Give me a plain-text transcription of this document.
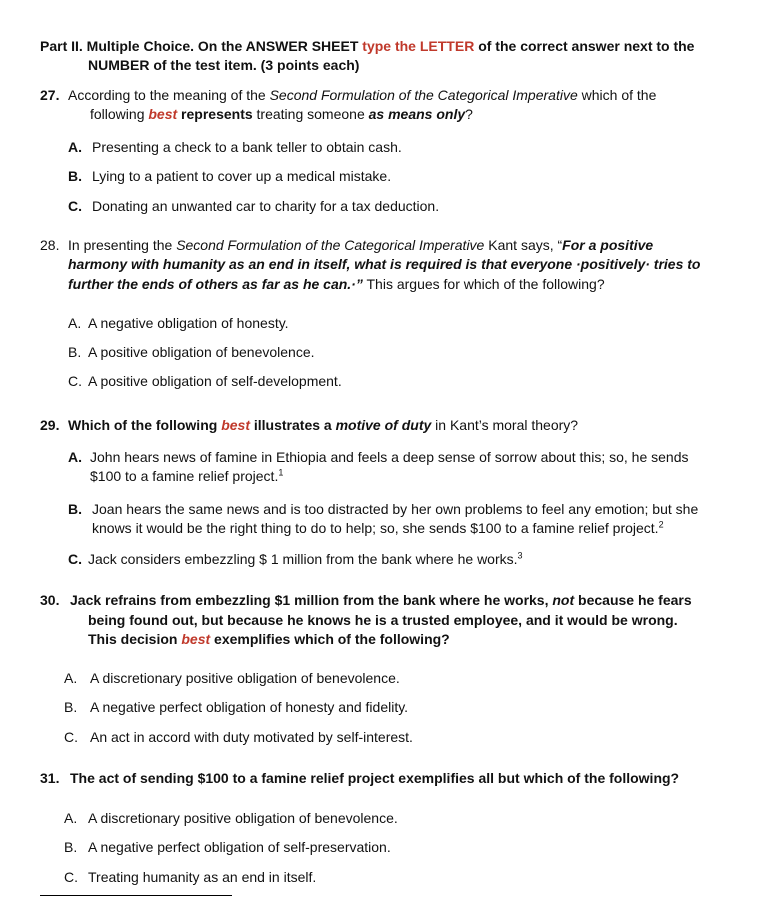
Part II. Multiple Choice. On the ANSWER SHEET type the LETTER of the correct answer next to the
NUMBER of the test item. (3 points each)
27. According to the meaning of the Second Formulation of the Categorical Imperative which of the
following best represents treating someone as means only?
A. Presenting a check to a bank teller to obtain cash.
B. Lying to a patient to cover up a medical mistake.
C. Donating an unwanted car to charity for a tax deduction.
28. In presenting the Second Formulation of the Categorical Imperative Kant says, “For a positive
harmony with humanity as an end in itself, what is required is that everyone ·positively· tries to
further the ends of others as far as he can.·” This argues for which of the following?
A. A negative obligation of honesty.
B. A positive obligation of benevolence.
C. A positive obligation of self-development.
29. Which of the following best illustrates a motive of duty in Kant’s moral theory?
A. John hears news of famine in Ethiopia and feels a deep sense of sorrow about this; so, he sends
$100 to a famine relief project.$^1$
B. Joan hears the same news and is too distracted by her own problems to feel any emotion; but she
knows it would be the right thing to do to help; so, she sends $100 to a famine relief project.$^2$
C. Jack considers embezzling $ 1 million from the bank where he works.$^3$
30. Jack refrains from embezzling $1 million from the bank where he works, not because he fears
being found out, but because he knows he is a trusted employee, and it would be wrong.
This decision best exemplifies which of the following?
A. A discretionary positive obligation of benevolence.
B. A negative perfect obligation of honesty and fidelity.
C. An act in accord with duty motivated by self-interest.
31. The act of sending $100 to a famine relief project exemplifies all but which of the following?
A. A discretionary positive obligation of benevolence.
B. A negative perfect obligation of self-preservation.
C. Treating humanity as an end in itself.
